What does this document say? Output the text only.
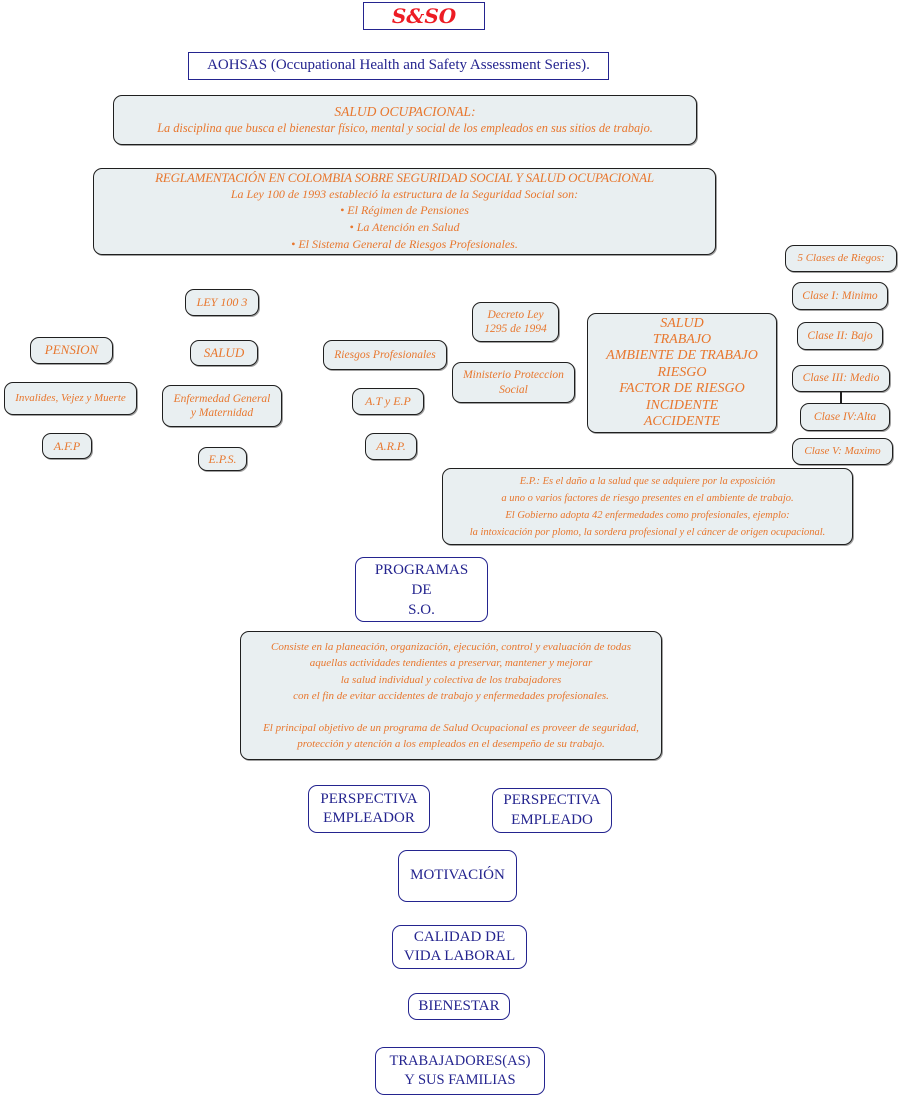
S&SO
AOHSAS (Occupational Health and Safety Assessment Series).
SALUD OCUPACIONAL:
La disciplina que busca el bienestar físico, mental y social de los empleados en sus sitios de trabajo.
REGLAMENTACIÓN EN COLOMBIA SOBRE SEGURIDAD SOCIAL Y SALUD OCUPACIONAL
La Ley 100 de 1993 estableció la estructura de la Seguridad Social son:
• El Régimen de Pensiones
• La Atención en Salud
• El Sistema General de Riesgos Profesionales.
5 Clases de Riegos:
Clase I: Minimo
Clase II: Bajo
Clase III: Medio
Clase IV:Alta
Clase V: Maximo
LEY 100 3
PENSION
Invalides, Vejez y Muerte
A.F.P
SALUD
Enfermedad General
y Maternidad
E.P.S.
Riesgos Profesionales
A.T y E.P
A.R.P.
Decreto Ley
1295 de 1994
Ministerio Proteccion
Social
SALUD
TRABAJO
AMBIENTE DE TRABAJO
RIESGO
FACTOR DE RIESGO
INCIDENTE
ACCIDENTE
E.P.: Es el daño a la salud que se adquiere por la exposición
a uno o varios factores de riesgo presentes en el ambiente de trabajo.
El Gobierno adopta 42 enfermedades como profesionales, ejemplo:
la intoxicación por plomo, la sordera profesional y el cáncer de origen ocupacional.
PROGRAMAS
DE
S.O.
Consiste en la planeación, organización, ejecución, control y evaluación de todas
aquellas actividades tendientes a preservar, mantener y mejorar
la salud individual y colectiva de los trabajadores
con el fin de evitar accidentes de trabajo y enfermedades profesionales.
El principal objetivo de un programa de Salud Ocupacional es proveer de seguridad,
protección y atención a los empleados en el desempeño de su trabajo.
PERSPECTIVA
EMPLEADOR
PERSPECTIVA
EMPLEADO
MOTIVACIÓN
CALIDAD DE
VIDA LABORAL
BIENESTAR
TRABAJADORES(AS)
Y SUS FAMILIAS
